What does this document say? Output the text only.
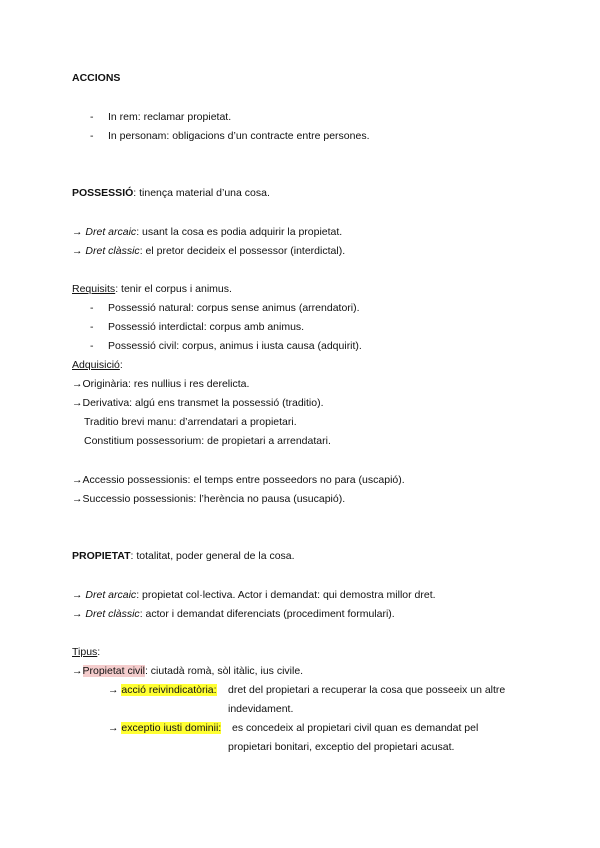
ACCIONS
- In rem: reclamar propietat.
- In personam: obligacions d’un contracte entre persones.
POSSESSIÓ: tinença material d’una cosa.
→ Dret arcaic: usant la cosa es podia adquirir la propietat.
→ Dret clàssic: el pretor decideix el possessor (interdictal).
Requisits: tenir el corpus i animus.
- Possessió natural: corpus sense animus (arrendatori).
- Possessió interdictal: corpus amb animus.
- Possessió civil: corpus, animus i iusta causa (adquirit).
Adquisició:
→Originària: res nullius i res derelicta.
→Derivativa: algú ens transmet la possessió (traditio).
Traditio brevi manu: d’arrendatari a propietari.
Constitium possessorium: de propietari a arrendatari.
→Accessio possessionis: el temps entre posseedors no para (uscapió).
→Successio possessionis: l’herència no pausa (usucapió).
PROPIETAT: totalitat, poder general de la cosa.
→ Dret arcaic: propietat col·lectiva. Actor i demandat: qui demostra millor dret.
→ Dret clàssic: actor i demandat diferenciats (procediment formulari).
Tipus:
→Propietat civil: ciutadà romà, sòl itàlic, ius civile.
→ acció reivindicatòria: dret del propietari a recuperar la cosa que posseeix un altre
indevidament.
→ exceptio iusti dominii: es concedeix al propietari civil quan es demandat pel
propietari bonitari, exceptio del propietari acusat.
